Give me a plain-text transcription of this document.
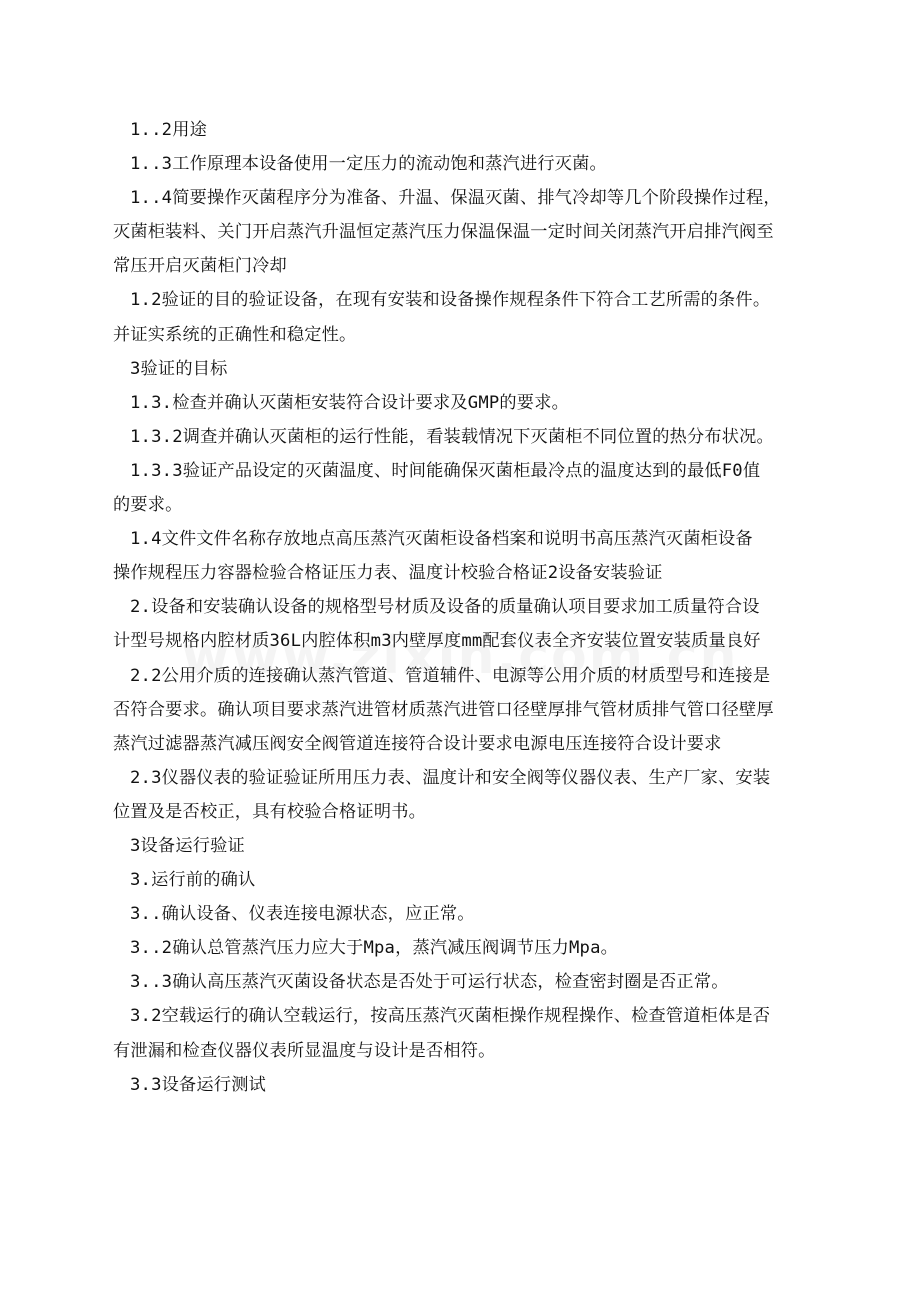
1..2用途

1..3工作原理本设备使用一定压力的流动饱和蒸汽进行灭菌。

1..4简要操作灭菌程序分为准备、升温、保温灭菌、排气冷却等几个阶段操作过程，
灭菌柜装料、关门开启蒸汽升温恒定蒸汽压力保温保温一定时间关闭蒸汽开启排汽阀至
常压开启灭菌柜门冷却

1.2验证的目的验证设备，在现有安装和设备操作规程条件下符合工艺所需的条件。
并证实系统的正确性和稳定性。

3验证的目标

1.3.检查并确认灭菌柜安装符合设计要求及GMP的要求。

1.3.2调查并确认灭菌柜的运行性能，看装载情况下灭菌柜不同位置的热分布状况。

1.3.3验证产品设定的灭菌温度、时间能确保灭菌柜最冷点的温度达到的最低F0值
的要求。

1.4文件文件名称存放地点高压蒸汽灭菌柜设备档案和说明书高压蒸汽灭菌柜设备
操作规程压力容器检验合格证压力表、温度计校验合格证2设备安装验证

2.设备和安装确认设备的规格型号材质及设备的质量确认项目要求加工质量符合设
计型号规格内腔材质36L内腔体积m3内壁厚度mm配套仪表全齐安装位置安装质量良好

2.2公用介质的连接确认蒸汽管道、管道辅件、电源等公用介质的材质型号和连接是
否符合要求。确认项目要求蒸汽进管材质蒸汽进管口径壁厚排气管材质排气管口径壁厚
蒸汽过滤器蒸汽减压阀安全阀管道连接符合设计要求电源电压连接符合设计要求

2.3仪器仪表的验证验证所用压力表、温度计和安全阀等仪器仪表、生产厂家、安装
位置及是否校正，具有校验合格证明书。

3设备运行验证

3.运行前的确认

3..确认设备、仪表连接电源状态，应正常。

3..2确认总管蒸汽压力应大于Mpa，蒸汽减压阀调节压力Mpa。

3..3确认高压蒸汽灭菌设备状态是否处于可运行状态，检查密封圈是否正常。

3.2空载运行的确认空载运行，按高压蒸汽灭菌柜操作规程操作、检查管道柜体是否
有泄漏和检查仪器仪表所显温度与设计是否相符。

3.3设备运行测试
